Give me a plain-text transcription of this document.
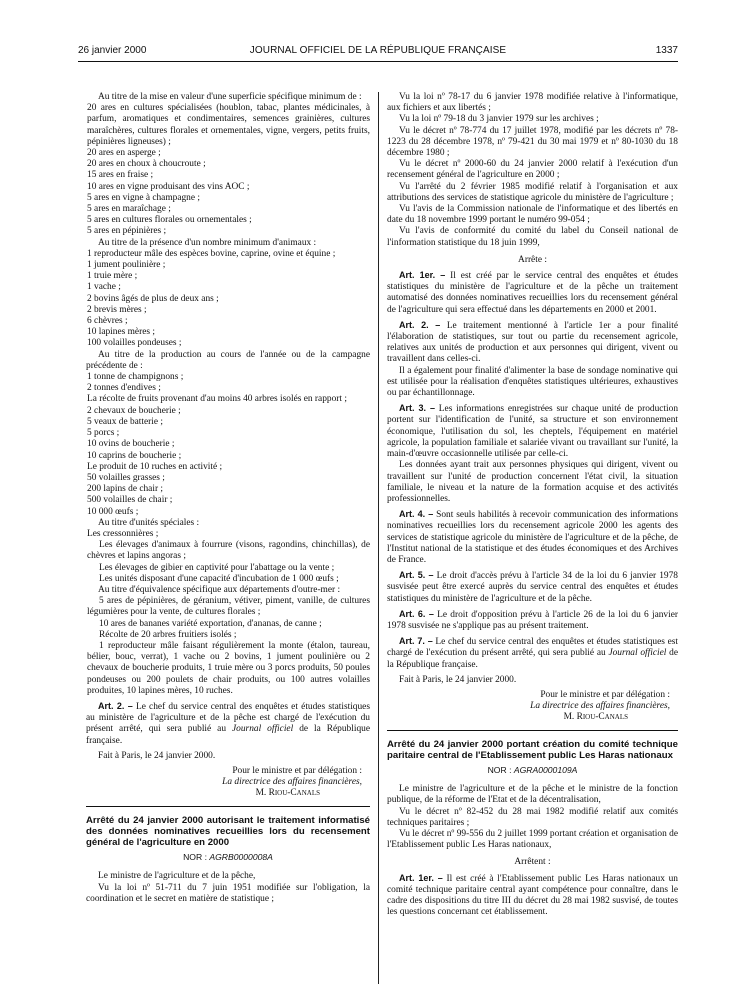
26 janvier 2000	JOURNAL OFFICIEL DE LA RÉPUBLIQUE FRANÇAISE	1337

Au titre de la mise en valeur d'une superficie spécifique minimum de :

20 ares en cultures spécialisées (houblon, tabac, plantes médicinales, à parfum, aromatiques et condimentaires, semences grainières, cultures maraîchères, cultures florales et ornementales, vigne, vergers, petits fruits, pépinières ligneuses) ;

20 ares en asperge ;

20 ares en choux à choucroute ;

15 ares en fraise ;

10 ares en vigne produisant des vins AOC ;

5 ares en vigne à champagne ;

5 ares en maraîchage ;

5 ares en cultures florales ou ornementales ;

5 ares en pépinières ;

Au titre de la présence d'un nombre minimum d'animaux :

1 reproducteur mâle des espèces bovine, caprine, ovine et équine ;

1 jument poulinière ;

1 truie mère ;

1 vache ;

2 bovins âgés de plus de deux ans ;

2 brevis mères ;

6 chèvres ;

10 lapines mères ;

100 volailles pondeuses ;

Au titre de la production au cours de l'année ou de la campagne précédente de :

1 tonne de champignons ;

2 tonnes d'endives ;

La récolte de fruits provenant d'au moins 40 arbres isolés en rapport ;

2 chevaux de boucherie ;

5 veaux de batterie ;

5 porcs ;

10 ovins de boucherie ;

10 caprins de boucherie ;

Le produit de 10 ruches en activité ;

50 volailles grasses ;

200 lapins de chair ;

500 volailles de chair ;

10 000 œufs ;

Au titre d'unités spéciales :

Les cressonnières ;

Les élevages d'animaux à fourrure (visons, ragondins, chinchillas), de chèvres et lapins angoras ;

Les élevages de gibier en captivité pour l'abattage ou la vente ;

Les unités disposant d'une capacité d'incubation de 1 000 œufs ;

Au titre d'équivalence spécifique aux départements d'outre-mer :

5 ares de pépinières, de géranium, vétiver, piment, vanille, de cultures légumières pour la vente, de cultures florales ;

10 ares de bananes variété exportation, d'ananas, de canne ;

Récolte de 20 arbres fruitiers isolés ;

1 reproducteur mâle faisant régulièrement la monte (étalon, taureau, bélier, bouc, verrat), 1 vache ou 2 bovins, 1 jument poulinière ou 2 chevaux de boucherie produits, 1 truie mère ou 3 porcs produits, 50 poules pondeuses ou 200 poulets de chair produits, ou 100 autres volailles produites, 10 lapines mères, 10 ruches.

Art. 2. – Le chef du service central des enquêtes et études statistiques au ministère de l'agriculture et de la pêche est chargé de l'exécution du présent arrêté, qui sera publié au Journal officiel de la République française.

Fait à Paris, le 24 janvier 2000.

Pour le ministre et par délégation :

La directrice des affaires financières,

M. Riou-Canals

Arrêté du 24 janvier 2000 autorisant le traitement informatisé des données nominatives recueillies lors du recensement général de l'agriculture en 2000

NOR : AGRB0000008A

Le ministre de l'agriculture et de la pêche,

Vu la loi nº 51-711 du 7 juin 1951 modifiée sur l'obligation, la coordination et le secret en matière de statistique ;

Vu la loi nº 78-17 du 6 janvier 1978 modifiée relative à l'informatique, aux fichiers et aux libertés ;

Vu la loi nº 79-18 du 3 janvier 1979 sur les archives ;

Vu le décret nº 78-774 du 17 juillet 1978, modifié par les décrets nº 78-1223 du 28 décembre 1978, nº 79-421 du 30 mai 1979 et nº 80-1030 du 18 décembre 1980 ;

Vu le décret nº 2000-60 du 24 janvier 2000 relatif à l'exécution d'un recensement général de l'agriculture en 2000 ;

Vu l'arrêté du 2 février 1985 modifié relatif à l'organisation et aux attributions des services de statistique agricole du ministère de l'agriculture ;

Vu l'avis de la Commission nationale de l'informatique et des libertés en date du 18 novembre 1999 portant le numéro 99-054 ;

Vu l'avis de conformité du comité du label du Conseil national de l'information statistique du 18 juin 1999,

Arrête :

Art. 1er. – Il est créé par le service central des enquêtes et études statistiques du ministère de l'agriculture et de la pêche un traitement automatisé des données nominatives recueillies lors du recensement général de l'agriculture qui sera effectué dans les départements en 2000 et 2001.

Art. 2. – Le traitement mentionné à l'article 1er a pour finalité l'élaboration de statistiques, sur tout ou partie du recensement agricole, relatives aux unités de production et aux personnes qui dirigent, vivent ou travaillent dans celles-ci.

Il a également pour finalité d'alimenter la base de sondage nominative qui est utilisée pour la réalisation d'enquêtes statistiques ultérieures, exhaustives ou par échantillonnage.

Art. 3. – Les informations enregistrées sur chaque unité de production portent sur l'identification de l'unité, sa structure et son environnement économique, l'utilisation du sol, les cheptels, l'équipement en matériel agricole, la population familiale et salariée vivant ou travaillant sur l'unité, la main-d'œuvre occasionnelle utilisée par celle-ci.

Les données ayant trait aux personnes physiques qui dirigent, vivent ou travaillent sur l'unité de production concernent l'état civil, la situation familiale, le niveau et la nature de la formation acquise et des activités professionnelles.

Art. 4. – Sont seuls habilités à recevoir communication des informations nominatives recueillies lors du recensement agricole 2000 les agents des services de statistique agricole du ministère de l'agriculture et de la pêche, de l'Institut national de la statistique et des études économiques et des Archives de France.

Art. 5. – Le droit d'accès prévu à l'article 34 de la loi du 6 janvier 1978 susvisée peut être exercé auprès du service central des enquêtes et études statistiques du ministère de l'agriculture et de la pêche.

Art. 6. – Le droit d'opposition prévu à l'article 26 de la loi du 6 janvier 1978 susvisée ne s'applique pas au présent traitement.

Art. 7. – Le chef du service central des enquêtes et études statistiques est chargé de l'exécution du présent arrêté, qui sera publié au Journal officiel de la République française.

Fait à Paris, le 24 janvier 2000.

Pour le ministre et par délégation :

La directrice des affaires financières,

M. Riou-Canals

Arrêté du 24 janvier 2000 portant création du comité technique paritaire central de l'Etablissement public Les Haras nationaux

NOR : AGRA0000109A

Le ministre de l'agriculture et de la pêche et le ministre de la fonction publique, de la réforme de l'Etat et de la décentralisation,

Vu le décret nº 82-452 du 28 mai 1982 modifié relatif aux comités techniques paritaires ;

Vu le décret nº 99-556 du 2 juillet 1999 portant création et organisation de l'Etablissement public Les Haras nationaux,

Arrêtent :

Art. 1er. – Il est créé à l'Etablissement public Les Haras nationaux un comité technique paritaire central ayant compétence pour connaître, dans le cadre des dispositions du titre III du décret du 28 mai 1982 susvisé, de toutes les questions concernant cet établissement.
